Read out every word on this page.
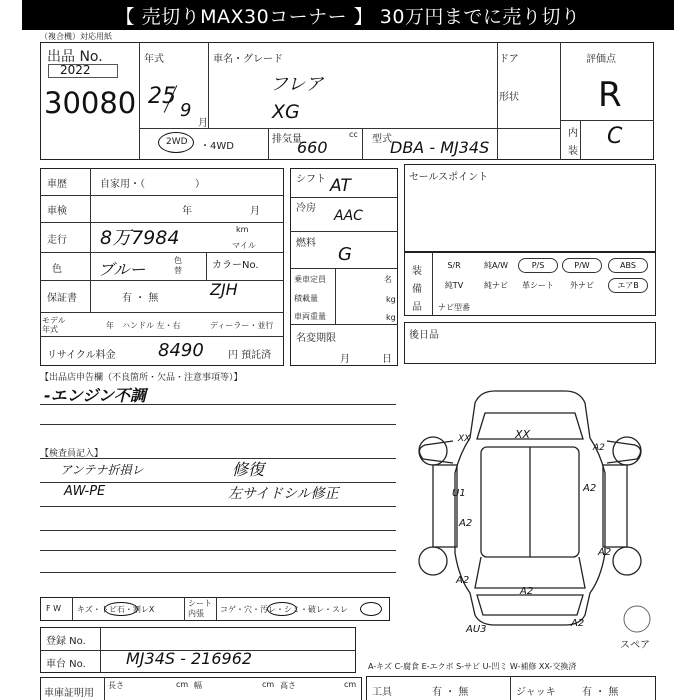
【 売切りMAX30コーナー 】 30万円までに売り切り
（複合機）対応用紙
出品 No.
2022
30080
年式
25
9
月
車名・グレード
フレア
XG
ドア
形状
2WD ・4WD
排気量
660
cc 型式
DBA - MJ34S
評価点
R
内
装
C
車歴	自家用・（　　　　　）
車検	年	月
走行 8万7984	km
マイル
色 ブルー	色替	カラーNo.
ZJH
保証書	有 ・ 無
モデル年式	年 ハンドル 左・右	ディーラー・並行
リサイクル料金 8490 円 預託済
シフト AT
冷房 AAC
燃料
G
乗車定員	名
積載量	kg
車両重量	kg
名変期限
月	日
セールスポイント
装
備
品
S/R	純A/W	P/S	P/W	ABS
純TV	純ナビ	革シート	外ナビ	エアB
ナビ型番
後日品
【出品店申告欄（不良箇所・欠品・注意事項等）】
-エンジン不調
【検査員記入】
アンテナ折損レ	修復
AW-PE	左サイドシル修正
XX	XX
A2
U1	A2
A2
A2
A2
A2
A2
AU3
スペア
F W キズ・トビ石・割レX
シート
内張 コゲ・穴・汚レ・シミ・破レ・スレ
登録 No.
車台 No.	MJ34S - 216962
車庫証明用
長さ	cm 幅	cm 高さ	cm
A-キズ C-腐食 E-エクボ S-サビ U-凹ミ W-補修 XX-交換済
工具	有 ・ 無	ジャッキ	有 ・ 無
